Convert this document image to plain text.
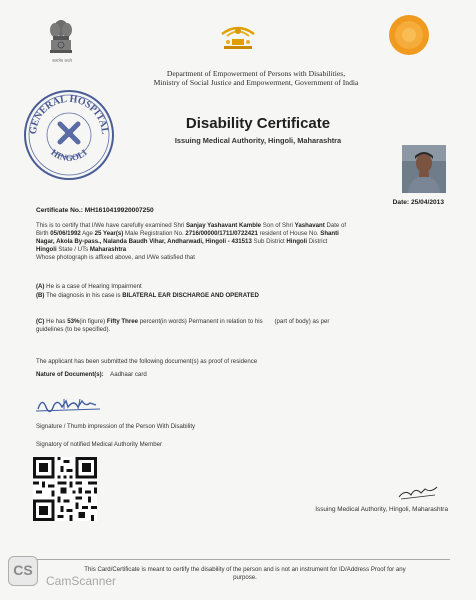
सत्यमेव जयते
Department of Empowerment of Persons with Disabilities,
Ministry of Social Justice and Empowerment, Government of India
GENERAL HOSPITAL
HINGOLI
Disability Certificate
Issuing Medical Authority, Hingoli, Maharashtra
Date: 25/04/2013
Certificate No.: MH1610419920007250
This is to certify that I/We have carefully examined Shri Sanjay Yashavant Kamble Son of Shri Yashavant Date of
Birth 05/06/1992 Age 25 Year(s) Male Registration No. 2716/00000/1711/0722421 resident of House No. Shanti
Nagar, Akola By-pass., Nalanda Baudh Vihar, Andharwadi, Hingoli - 431513 Sub District Hingoli District
Hingoli State / UTs Maharashtra
Whose photograph is affixed above, and I/We satisfied that
(A) He is a case of Hearing Impairment
(B) The diagnosis in his case is BILATERAL EAR DISCHARGE AND OPERATED
(C) He has 53%(in figure) Fifty Three percent(in words) Permanent in relation to his (part of body) as per
guidelines (to be specified).
The applicant has been submitted the following document(s) as proof of residence
Nature of Document(s): Aadhaar card
Signature / Thumb impression of the Person With Disability
Signatory of notified Medical Authority Member
Issuing Medical Authority, Hingoli, Maharashtra
This Card/Certificate is meant to certify the disability of the person and is not an instrument for ID/Address Proof for any
purpose.
CS
CamScanner
